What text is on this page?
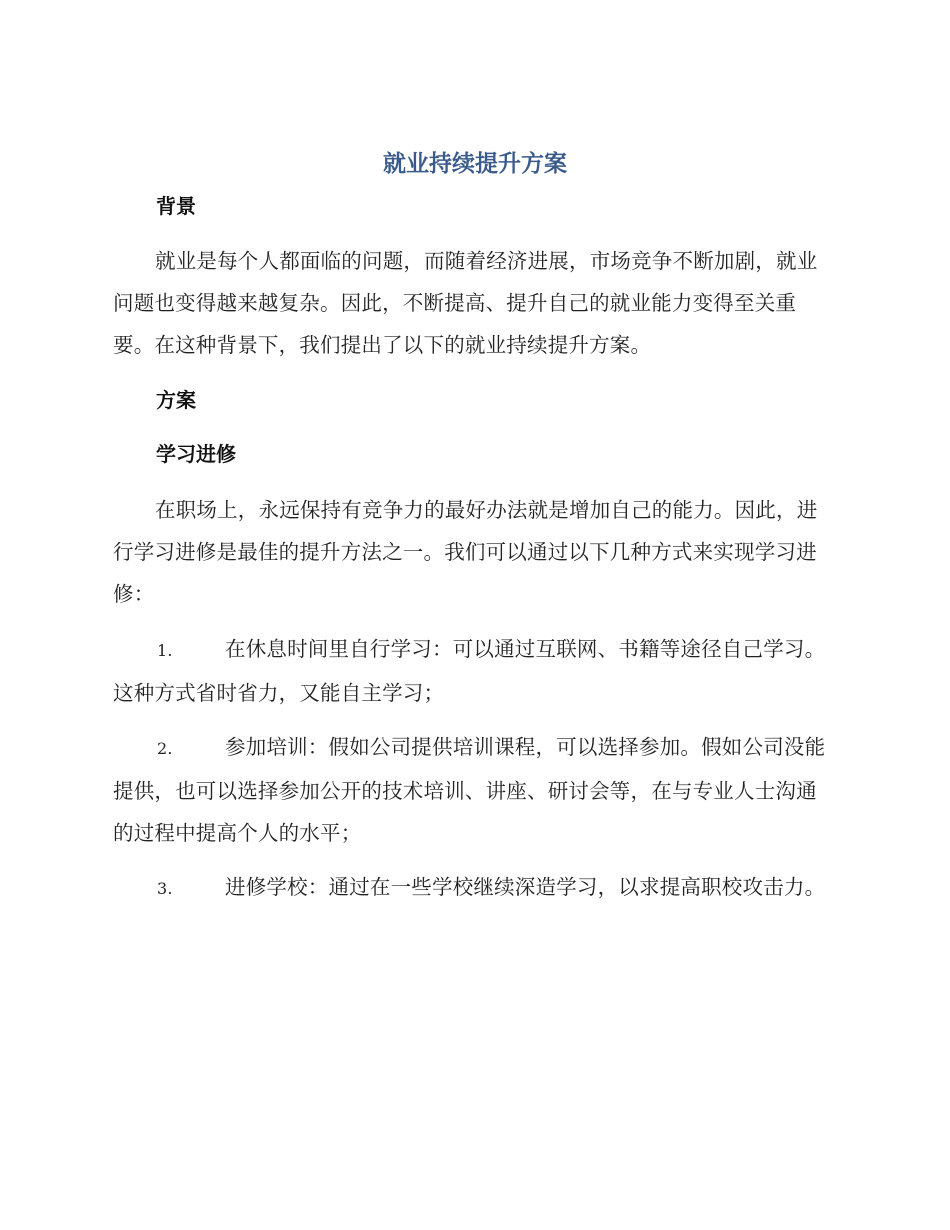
就业持续提升方案
背景

就业是每个人都面临的问题，而随着经济进展，市场竞争不断加剧，就业问题也变得越来越复杂。因此，不断提高、提升自己的就业能力变得至关重要。在这种背景下，我们提出了以下的就业持续提升方案。

方案
学习进修

在职场上，永远保持有竞争力的最好办法就是增加自己的能力。因此，进行学习进修是最佳的提升方法之一。我们可以通过以下几种方式来实现学习进修：

1.	在休息时间里自行学习：可以通过互联网、书籍等途径自己学习。这种方式省时省力，又能自主学习；
2.	参加培训：假如公司提供培训课程，可以选择参加。假如公司没能提供，也可以选择参加公开的技术培训、讲座、研讨会等，在与专业人士沟通的过程中提高个人的水平；
3.	进修学校：通过在一些学校继续深造学习，以求提高职校攻击力。
